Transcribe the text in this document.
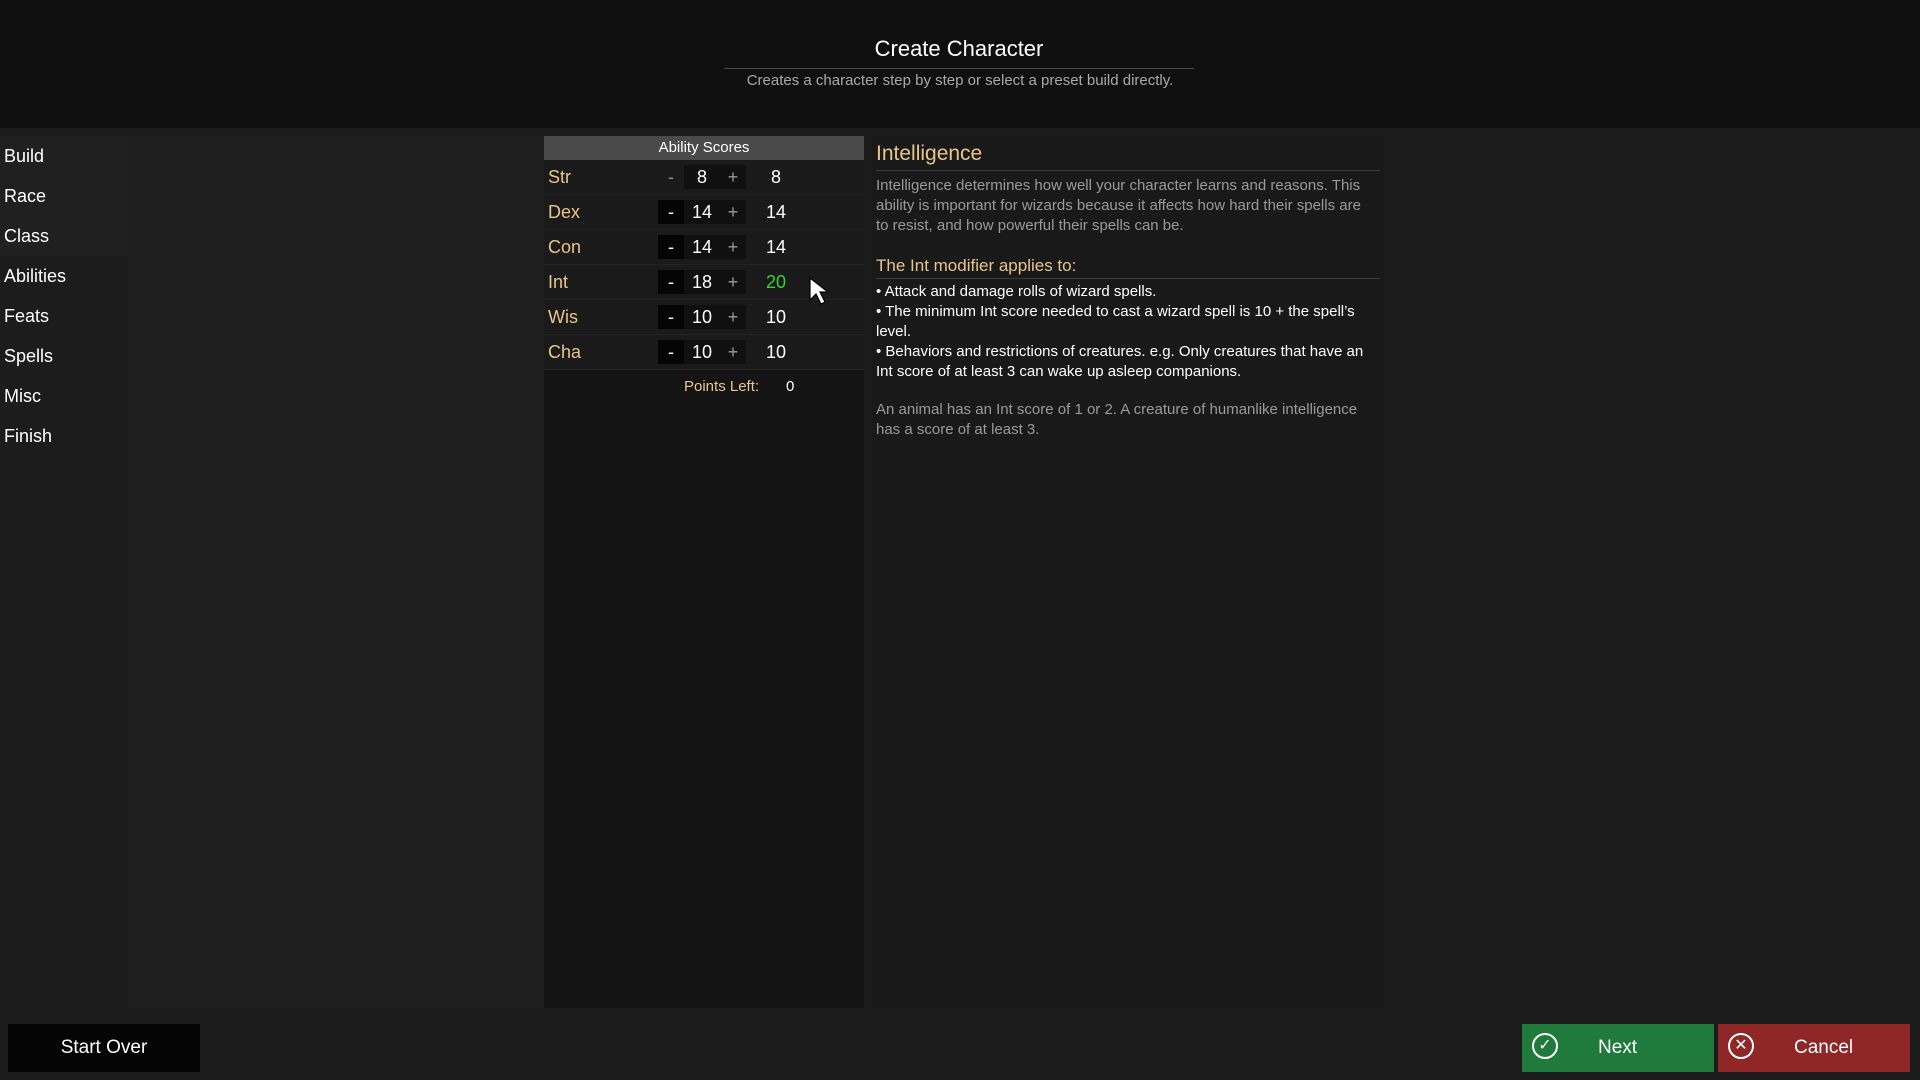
Create Character
Creates a character step by step or select a preset build directly.
Build
Race
Class
Abilities
Feats
Spells
Misc
Finish
Ability Scores
Str	-	8	+	8
Dex	- 14 +	14
Con	- 14 +	14
Int	- 18 +	20
Wis	- 10 +	10
Cha	- 10 +	10
Points Left: 0
Intelligence
Intelligence determines how well your character learns and reasons. This ability is important for wizards because it affects how hard their spells are to resist, and how powerful their spells can be.
The Int modifier applies to:
• Attack and damage rolls of wizard spells.
• The minimum Int score needed to cast a wizard spell is 10 + the spell’s level.
• Behaviors and restrictions of creatures. e.g. Only creatures that have an Int score of at least 3 can wake up asleep companions.
An animal has an Int score of 1 or 2. A creature of humanlike intelligence has a score of at least 3.
Start Over	✓	Next	✕	Cancel
